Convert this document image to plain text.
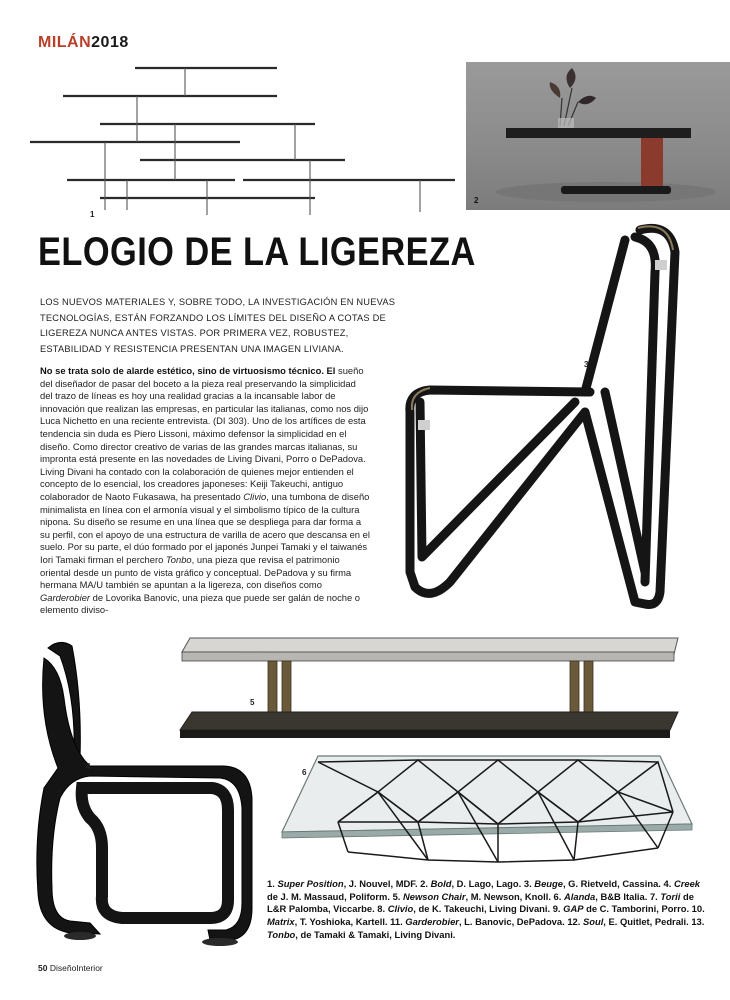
MILÁN2018
1
2
ELOGIO DE LA LIGEREZA

LOS NUEVOS MATERIALES Y, SOBRE TODO, LA INVESTIGACIÓN EN NUEVAS TECNOLOGÍAS, ESTÁN FORZANDO LOS LÍMITES DEL DISEÑO A COTAS DE LIGEREZA NUNCA ANTES VISTAS. POR PRIMERA VEZ, ROBUSTEZ, ESTABILIDAD Y RESISTENCIA PRESENTAN UNA IMAGEN LIVIANA.

No se trata solo de alarde estético, sino de virtuosismo técnico. El sueño del diseñador de pasar del boceto a la pieza real preservando la simplicidad del trazo de líneas es hoy una realidad gracias a la incansable labor de innovación que realizan las empresas, en particular las italianas, como nos dijo Luca Nichetto en una reciente entrevista. (DI 303). Uno de los artífices de esta tendencia sin duda es Piero Lissoni, máximo defensor la simplicidad en el diseño. Como director creativo de varias de las grandes marcas italianas, su impronta está presente en las novedades de Living Divani, Porro o DePadova. Living Divani ha contado con la colaboración de quienes mejor entienden el concepto de lo esencial, los creadores japoneses: Keiji Takeuchi, antiguo colaborador de Naoto Fukasawa, ha presentado Clivio, una tumbona de diseño minimalista en línea con el armonía visual y el simbolismo típico de la cultura nipona. Su diseño se resume en una línea que se despliega para dar forma a su perfil, con el apoyo de una estructura de varilla de acero que descansa en el suelo. Por su parte, el dúo formado por el japonés Junpei Tamaki y el taiwanés Iori Tamaki firman el perchero Tonbo, una pieza que revisa el patrimonio oriental desde un punto de vista gráfico y conceptual. DePadova y su firma hermana MA/U también se apuntan a la ligereza, con diseños como Garderobier de Lovorika Banovic, una pieza que puede ser galán de noche o elemento diviso-

3
5
4
6
1. Super Position, J. Nouvel, MDF. 2. Bold, D. Lago, Lago. 3. Beuge, G. Rietveld, Cassina. 4. Creek de J. M. Massaud, Poliform. 5. Newson Chair, M. Newson, Knoll. 6. Alanda, B&B Italia. 7. Torii de L&R Palomba, Viccarbe. 8. Clivio, de K. Takeuchi, Living Divani. 9. GAP de C. Tamborini, Porro. 10. Matrix, T. Yoshioka, Kartell. 11. Garderobier, L. Banovic, DePadova. 12. Soul, E. Quitlet, Pedrali. 13. Tonbo, de Tamaki & Tamaki, Living Divani.
50 DiseñoInterior
